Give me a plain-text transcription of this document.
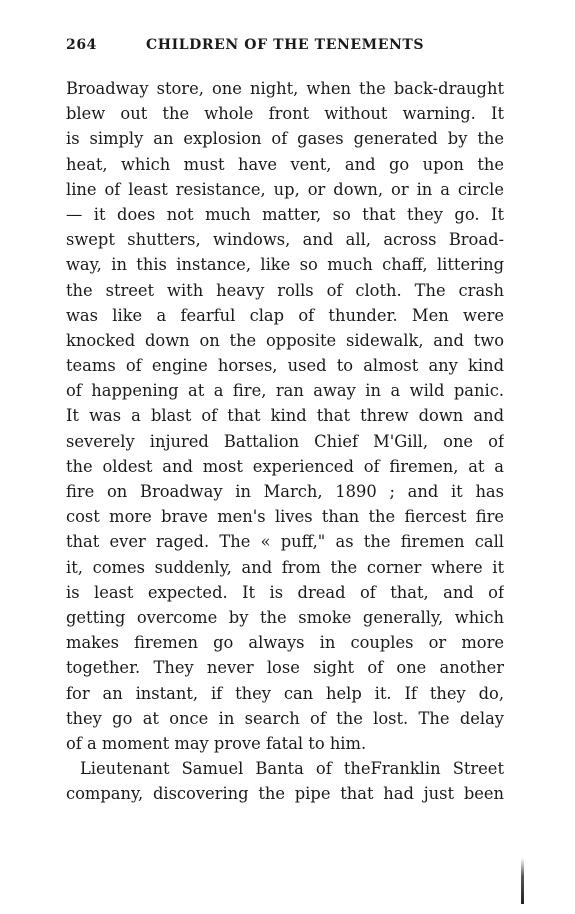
264	CHILDREN OF THE TENEMENTS
Broadway store, one night, when the back-draught
blew out the whole front without warning. It
is simply an explosion of gases generated by the
heat, which must have vent, and go upon the
line of least resistance, up, or down, or in a circle
— it does not much matter, so that they go. It
swept shutters, windows, and all, across Broad-
way, in this instance, like so much chaff, littering
the street with heavy rolls of cloth. The crash
was like a fearful clap of thunder. Men were
knocked down on the opposite sidewalk, and two
teams of engine horses, used to almost any kind
of happening at a fire, ran away in a wild panic.
It was a blast of that kind that threw down and
severely injured Battalion Chief M'Gill, one of
the oldest and most experienced of firemen, at a
fire on Broadway in March, 1890 ; and it has
cost more brave men's lives than the fiercest fire
that ever raged. The « puff," as the firemen call
it, comes suddenly, and from the corner where it
is least expected. It is dread of that, and of
getting overcome by the smoke generally, which
makes firemen go always in couples or more
together. They never lose sight of one another
for an instant, if they can help it. If they do,
they go at once in search of the lost. The delay
of a moment may prove fatal to him.
Lieutenant Samuel Banta of theFranklin Street
company, discovering the pipe that had just been
